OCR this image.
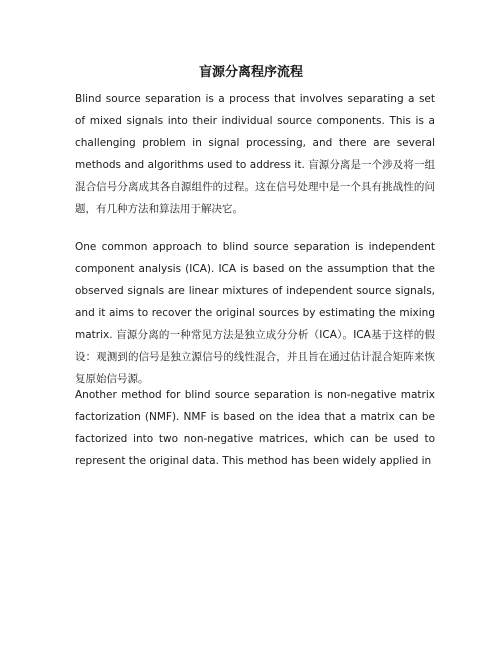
盲源分离程序流程
Blind source separation is a process that involves separating a set of mixed signals into their individual source components. This is a challenging problem in signal processing, and there are several methods and algorithms used to address it. 盲源分离是一个涉及将一组混合信号分离成其各自源组件的过程。这在信号处理中是一个具有挑战性的问题，有几种方法和算法用于解决它。
One common approach to blind source separation is independent component analysis (ICA). ICA is based on the assumption that the observed signals are linear mixtures of independent source signals, and it aims to recover the original sources by estimating the mixing matrix. 盲源分离的一种常见方法是独立成分分析（ICA）。ICA基于这样的假设：观测到的信号是独立源信号的线性混合，并且旨在通过估计混合矩阵来恢复原始信号源。
Another method for blind source separation is non-negative matrix factorization (NMF). NMF is based on the idea that a matrix can be factorized into two non-negative matrices, which can be used to represent the original data. This method has been widely applied in
